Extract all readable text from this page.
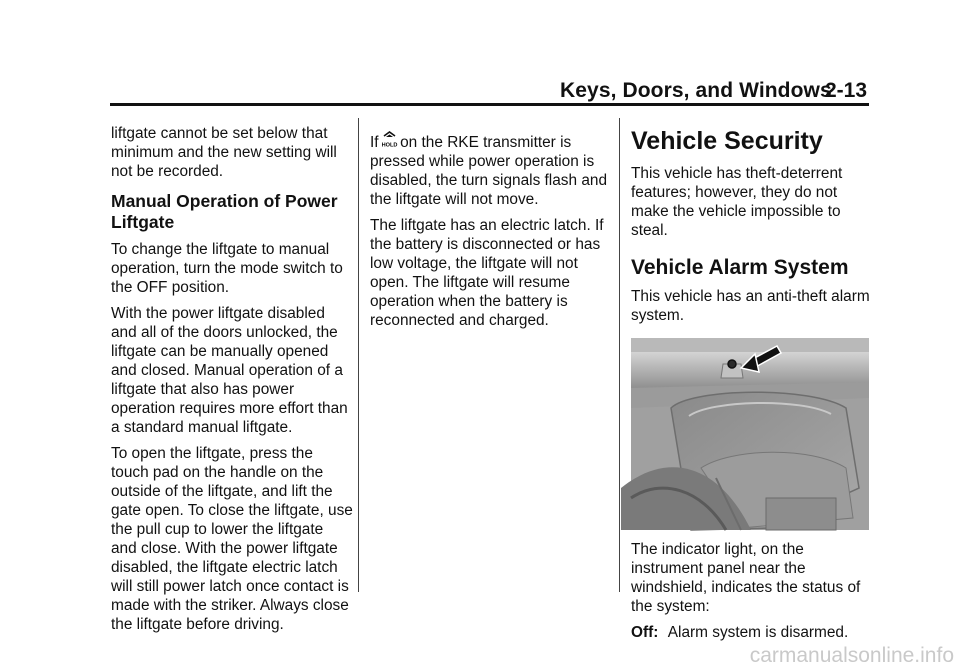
Keys, Doors, and Windows
2-13

liftgate cannot be set below that minimum and the new setting will not be recorded.

Manual Operation of Power Liftgate

To change the liftgate to manual operation, turn the mode switch to the OFF position.

With the power liftgate disabled and all of the doors unlocked, the liftgate can be manually opened and closed. Manual operation of a liftgate that also has power operation requires more effort than a standard manual liftgate.

To open the liftgate, press the touch pad on the handle on the outside of the liftgate, and lift the gate open. To close the liftgate, use the pull cup to lower the liftgate and close. With the power liftgate disabled, the liftgate electric latch will still power latch once contact is made with the striker. Always close the liftgate before driving.

If HOLD on the RKE transmitter is pressed while power operation is disabled, the turn signals flash and the liftgate will not move.

The liftgate has an electric latch. If the battery is disconnected or has low voltage, the liftgate will not open. The liftgate will resume operation when the battery is reconnected and charged.

Vehicle Security

This vehicle has theft-deterrent features; however, they do not make the vehicle impossible to steal.

Vehicle Alarm System

This vehicle has an anti-theft alarm system.

The indicator light, on the instrument panel near the windshield, indicates the status of the system:

Off: Alarm system is disarmed.

carmanualsonline.info
